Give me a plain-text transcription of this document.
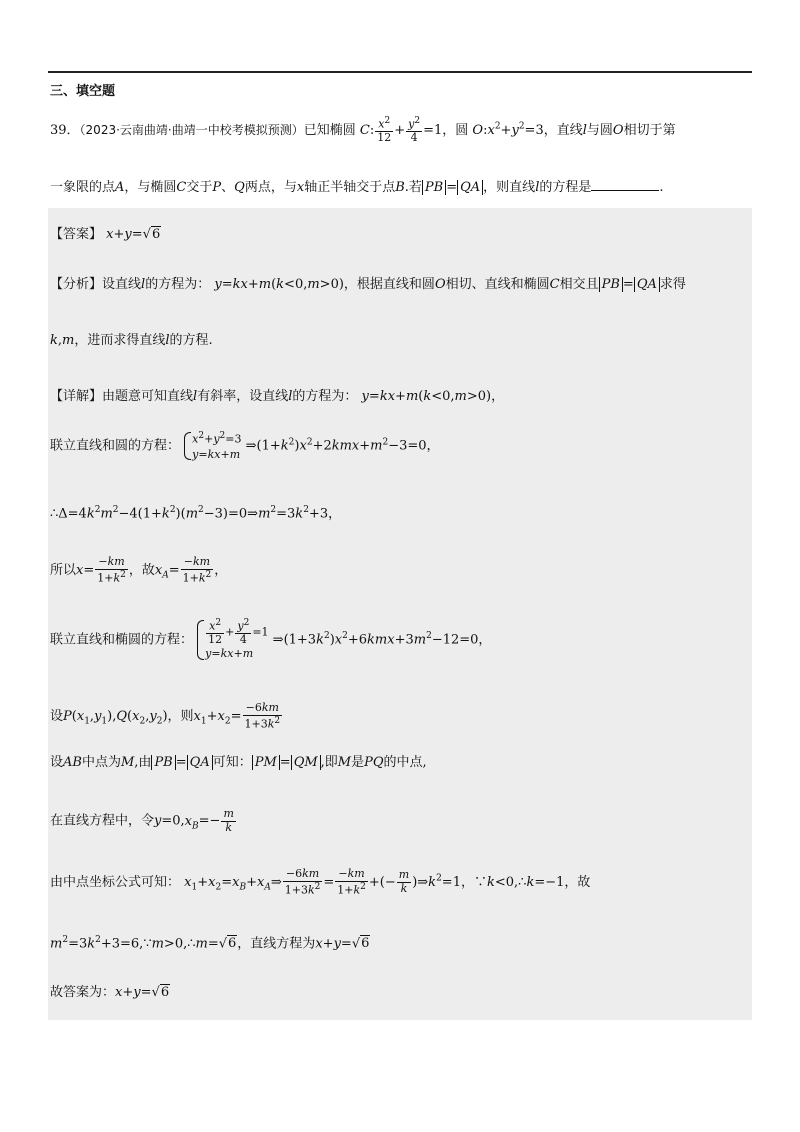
三、填空题
39．（2023·云南曲靖·曲靖一中校考模拟预测）已知椭圆 C: $\frac{x^2}{12} + \frac{y^2}{4} =1$，圆 $O:x^2+y^2=3$，直线l与圆O相切于第
一象限的点A，与椭圆C交于P、Q两点，与x轴正半轴交于点B.若 PB = QA ，则直线l的方程是	.
【答案】 x+y=√6
【分析】设直线l的方程为： y=kx+m(k<0,m>0)，根据直线和圆O相切、直线和椭圆C相交且 PB = QA 求得
k,m，进而求得直线l的方程.
【详解】由题意可知直线l有斜率，设直线l的方程为： y=kx+m(k<0,m>0)，
联立直线和圆的方程： $x^2+y^2=3$
y=kx+m
$\Rightarrow(1+k^2)x^2+2kmx+m^2-3=0$，
$\therefore\Delta=4k^2m^2-4(1+k^2)(m^2-3)=0\Rightarrow m^2=3k^2+3$，
所以$x= \frac{-km}{1+k^2}$ ，故$x_A= \frac{-km}{1+k^2}$ ，
联立直线和椭圆的方程： $\frac{x^2}{12} + \frac{y^2}{4} =1$
y=kx+m
$\Rightarrow(1+3k^2)x^2+6kmx+3m^2-12=0$，
设$P(x_1,y_1),Q(x_2,y_2)$，则$x_1+x_2= \frac{-6km}{1+3k^2}$
设AB中点为M,由 PB = QA 可知： PM = QM ,即M是PQ的中点,
在直线方程中，令$y=0,x_B=- \frac{m}{k}$
由中点坐标公式可知： $x_1+x_2=x_B+x_A\Rightarrow \frac{-6km}{1+3k^2} = \frac{-km}{1+k^2}$ +(− $\frac{m}{k}$ )$\Rightarrow k^2=1$，∵k<0,∴k=−1，故
$m^2=3k^2+3=6,\because m>0,\therefore m=√6$，直线方程为x+y=√6
故答案为：x+y=√6
